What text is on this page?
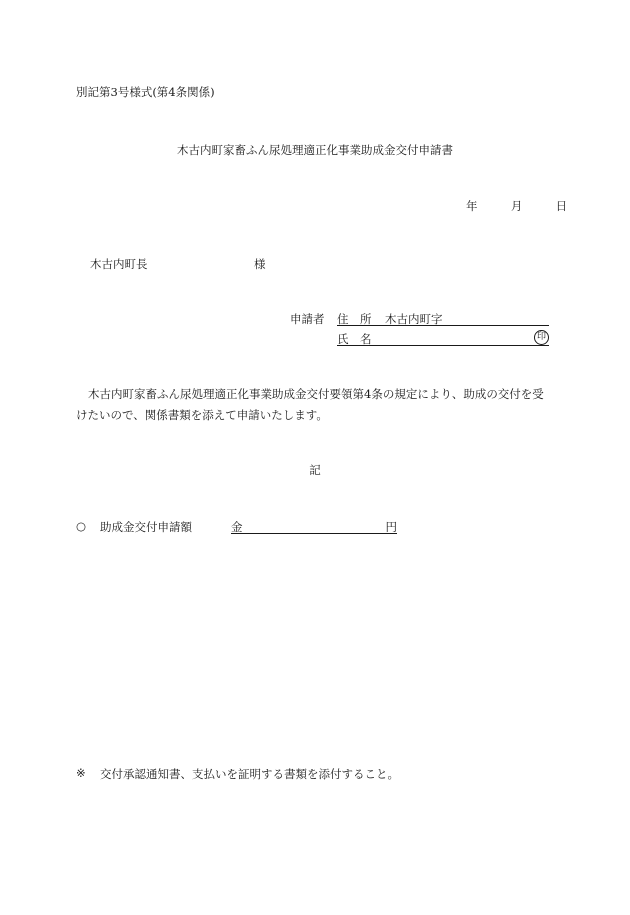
別記第3号様式(第4条関係)
木古内町家畜ふん尿処理適正化事業助成金交付申請書
年	月	日
木古内町長	様
申請者 住　所 木古内町字
氏　名	印
木古内町家畜ふん尿処理適正化事業助成金交付要領第4条の規定により、助成の交付を受けたいので、関係書類を添えて申請いたします。
記
○ 助成金交付申請額	金	円
※ 交付承認通知書、支払いを証明する書類を添付すること。
